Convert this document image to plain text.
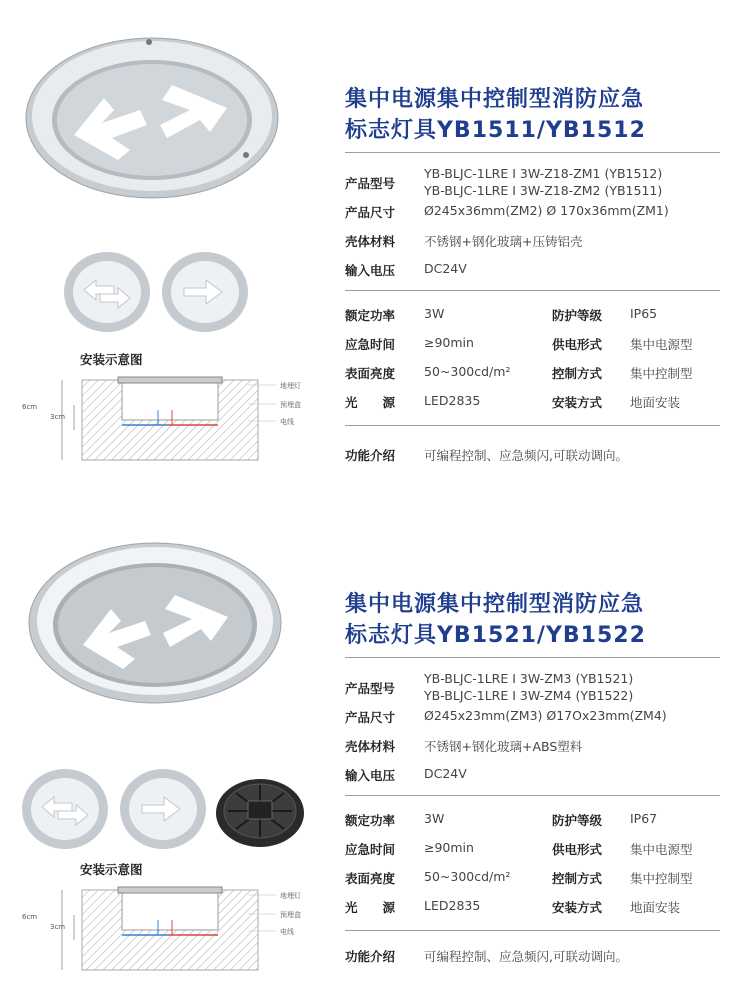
安装示意图
6cm
3cm
地埋灯
预埋盒
电线
集中电源集中控制型消防应急
标志灯具YB1511/YB1512
产品型号
YB-BLJC-1LRE I 3W-Z18-ZM1 (YB1512)
YB-BLJC-1LRE I 3W-Z18-ZM2 (YB1511)
产品尺寸 Ø245x36mm(ZM2) Ø 170x36mm(ZM1)
壳体材料 不锈钢+钢化玻璃+压铸铝壳
输入电压 DC24V
额定功率 3W	防护等级 IP65
应急时间 ≥90min	供电形式 集中电源型
表面亮度 50~300cd/m²	控制方式 集中控制型
光　　源 LED2835	安装方式 地面安装
功能介绍 可编程控制、应急频闪,可联动调向。
安装示意图
6cm
3cm
地埋灯
预埋盒
电线
集中电源集中控制型消防应急
标志灯具YB1521/YB1522
产品型号
YB-BLJC-1LRE I 3W-ZM3 (YB1521)
YB-BLJC-1LRE I 3W-ZM4 (YB1522)
产品尺寸 Ø245x23mm(ZM3) Ø17Ox23mm(ZM4)
壳体材料 不锈钢+钢化玻璃+ABS塑料
输入电压 DC24V
额定功率 3W	防护等级 IP67
应急时间 ≥90min	供电形式 集中电源型
表面亮度 50~300cd/m²	控制方式 集中控制型
光　　源 LED2835	安装方式 地面安装
功能介绍 可编程控制、应急频闪,可联动调向。
